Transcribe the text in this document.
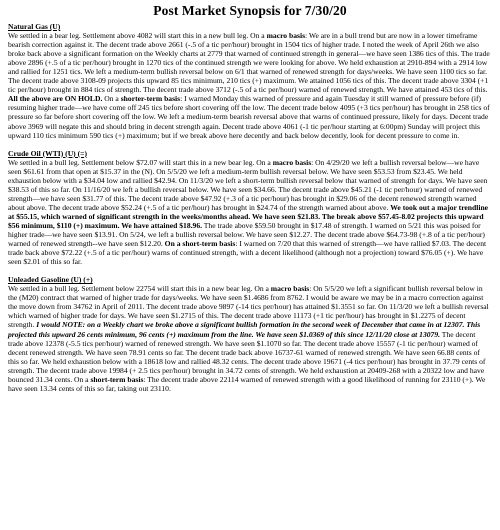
Post Market Synopsis for 7/30/20
Natural Gas (U)
We settled in a bear leg. Settlement above 4082 will start this in a new bull leg. On a macro basis: We are in a bull trend but are now in a lower timeframe bearish correction against it. The decent trade above 2661 (-.5 of a tic per/hour) brought in 1504 tics of higher trade. I noted the week of April 26th we also broke back above a significant formation on the Weekly charts at 2779 that warned of continued strength in general—we have seen 1386 tics of this. The trade above 2896 (+.5 of a tic per/hour) brought in 1270 tics of the continued strength we were looking for above. We held exhaustion at 2910-894 with a 2914 low and rallied for 1251 tics. We left a medium-term bullish reversal below on 6/1 that warned of renewed strength for days/weeks. We have seen 1100 tics so far. The decent trade above 3108-09 projects this upward 85 tics minimum, 210 tics (+) maximum. We attained 1056 tics of this. The decent trade above 3304 (+1 tic per/hour) brought in 884 tics of strength. The decent trade above 3712 (-.5 of a tic per/hour) warned of renewed strength. We have attained 453 tics of this. All the above are ON HOLD. On a shorter-term basis: I warned Monday this warned of pressure and again Tuesday it still warned of pressure before (if) resuming higher trade—we have come off 245 tics before short covering off the low. The decent trade below 4095 (+3 tics per/hour) has brought in 258 tics of pressure so far before short covering off the low. We left a medium-term bearish reversal above that warns of continued pressure, likely for days. Decent trade above 3969 will negate this and should bring in decent strength again. Decent trade above 4061 (-1 tic per/hour starting at 6:00pm) Sunday will project this upward 110 tics minimum 590 tics (+) maximum; but if we break above here decently and back below decently, look for decent pressure to come in.
Crude Oil (WTI) (U) (=)
We settled in a bull leg. Settlement below $72.07 will start this in a new bear leg. On a macro basis: On 4/29/20 we left a bullish reversal below—we have seen $61.61 from that open at $15.37 in the (N). On 5/5/20 we left a medium-term bullish reversal below. We have seen $53.53 from $23.45. We held exhaustion below with a $34.04 low and rallied $42.94. On 11/3/20 we left a short-term bullish reversal below that warned of strength for days. We have seen $38.53 of this so far. On 11/16/20 we left a bullish reversal below. We have seen $34.66. The decent trade above $45.21 (-1 tic per/hour) warned of renewed strength—we have seen $31.77 of this. The decent trade above $47.92 (+.3 of a tic per/hour) has brought in $29.06 of the decent renewed strength warned about above. The decent trade above $52.24 (+.5 of a tic per/hour) has brought in $24.74 of the strength warned about above. We took out a major trendline at $55.15, which warned of significant strength in the weeks/months ahead. We have seen $21.83. The break above $57.45-8.02 projects this upward $56 minimum, $110 (+) maximum. We have attained $18.96. The trade above $59.50 brought in $17.48 of strength. I warned on 5/21 this was poised for higher trade—we have seen $13.91. On 5/24, we left a bullish reversal below. We have seen $12.27. The decent trade above $64.73-98 (+.8 of a tic per/hour) warned of renewed strength--we have seen $12.20. On a short-term basis: I warned on 7/20 that this warned of strength—we have rallied $7.03. The decent trade back above $72.22 (+.5 of a tic per/hour) warns of continued strength, with a decent likelihood (although not a projection) toward $76.05 (+). We have seen $2.01 of this so far.
Unleaded Gasoline (U) (+)
We settled in a bull leg. Settlement below 22754 will start this in a new bear leg. On a macro basis: On 5/5/20 we left a significant bullish reversal below in the (M20) contract that warned of higher trade for days/weeks. We have seen $1.4686 from 8762. I would be aware we may be in a macro correction against the move down from 34762 in April of 2011. The decent trade above 9897 (-14 tics per/hour) has attained $1.3551 so far. On 11/3/20 we left a bullish reversal which warned of higher trade for days. We have seen $1.2715 of this. The decent trade above 11173 (+1 tic per/hour) has brought in $1.2275 of decent strength. I would NOTE: on a Weekly chart we broke above a significant bullish formation in the second week of December that came in at 12307. This projected this upward 26 cents minimum, 96 cents (+) maximum from the line. We have seen $1.0369 of this since 12/11/20 close at 13079. The decent trade above 12378 (-5.5 tics per/hour) warned of renewed strength. We have seen $1.1070 so far. The decent trade above 15557 (-1 tic per/hour) warned of decent renewed strength. We have seen 78.91 cents so far. The decent trade back above 16737-61 warned of renewed strength. We have seen 66.88 cents of this so far. We held exhaustion below with a 18618 low and rallied 48.32 cents. The decent trade above 19671 (-4 tics per/hour) has brought in 37.79 cents of strength. The decent trade above 19984 (+ 2.5 tics per/hour) brought in 34.72 cents of strength. We held exhaustion at 20409-268 with a 20322 low and have bounced 31.34 cents. On a short-term basis: The decent trade above 22114 warned of renewed strength with a good likelihood of running for 23110 (+). We have seen 13.34 cents of this so far, taking out 23110.
